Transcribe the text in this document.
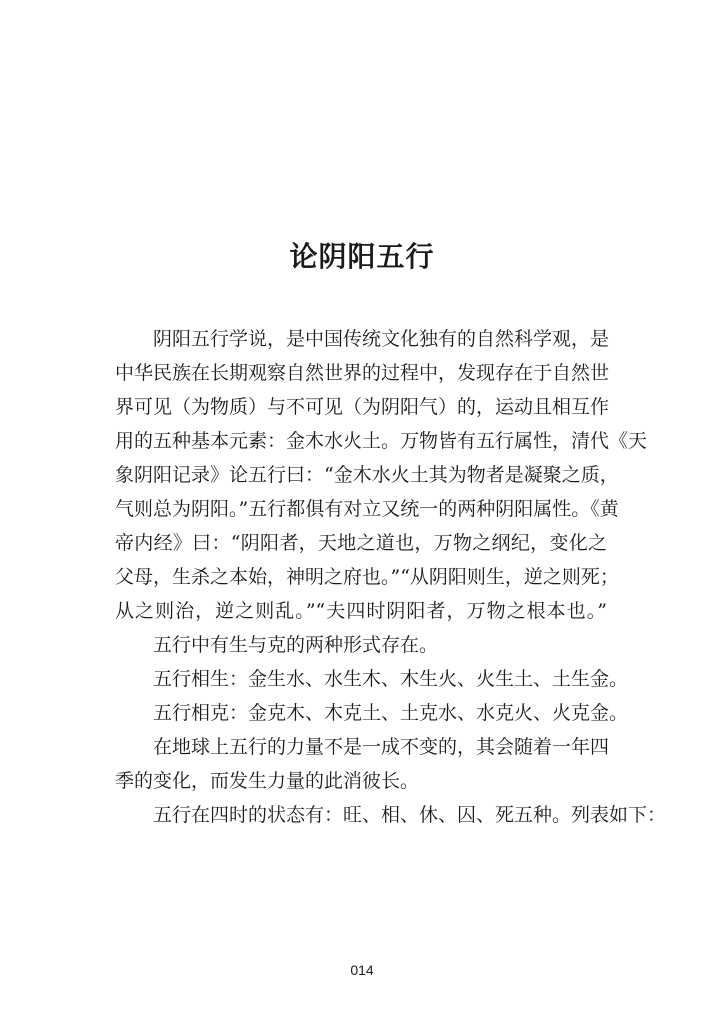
论阴阳五行
阴阳五行学说，是中国传统文化独有的自然科学观，是
中华民族在长期观察自然世界的过程中，发现存在于自然世
界可见（为物质）与不可见（为阴阳气）的，运动且相互作
用的五种基本元素：金木水火土。万物皆有五行属性，清代《天
象阴阳记录》论五行曰：“金木水火土其为物者是凝聚之质，
气则总为阴阳。”五行都俱有对立又统一的两种阴阳属性。《黄
帝内经》曰：“阴阳者，天地之道也，万物之纲纪，变化之
父母，生杀之本始，神明之府也。”“从阴阳则生，逆之则死；
从之则治，逆之则乱。”“夫四时阴阳者，万物之根本也。”
五行中有生与克的两种形式存在。
五行相生：金生水、水生木、木生火、火生土、土生金。
五行相克：金克木、木克土、土克水、水克火、火克金。
在地球上五行的力量不是一成不变的，其会随着一年四
季的变化，而发生力量的此消彼长。
五行在四时的状态有：旺、相、休、囚、死五种。列表如下：
014
